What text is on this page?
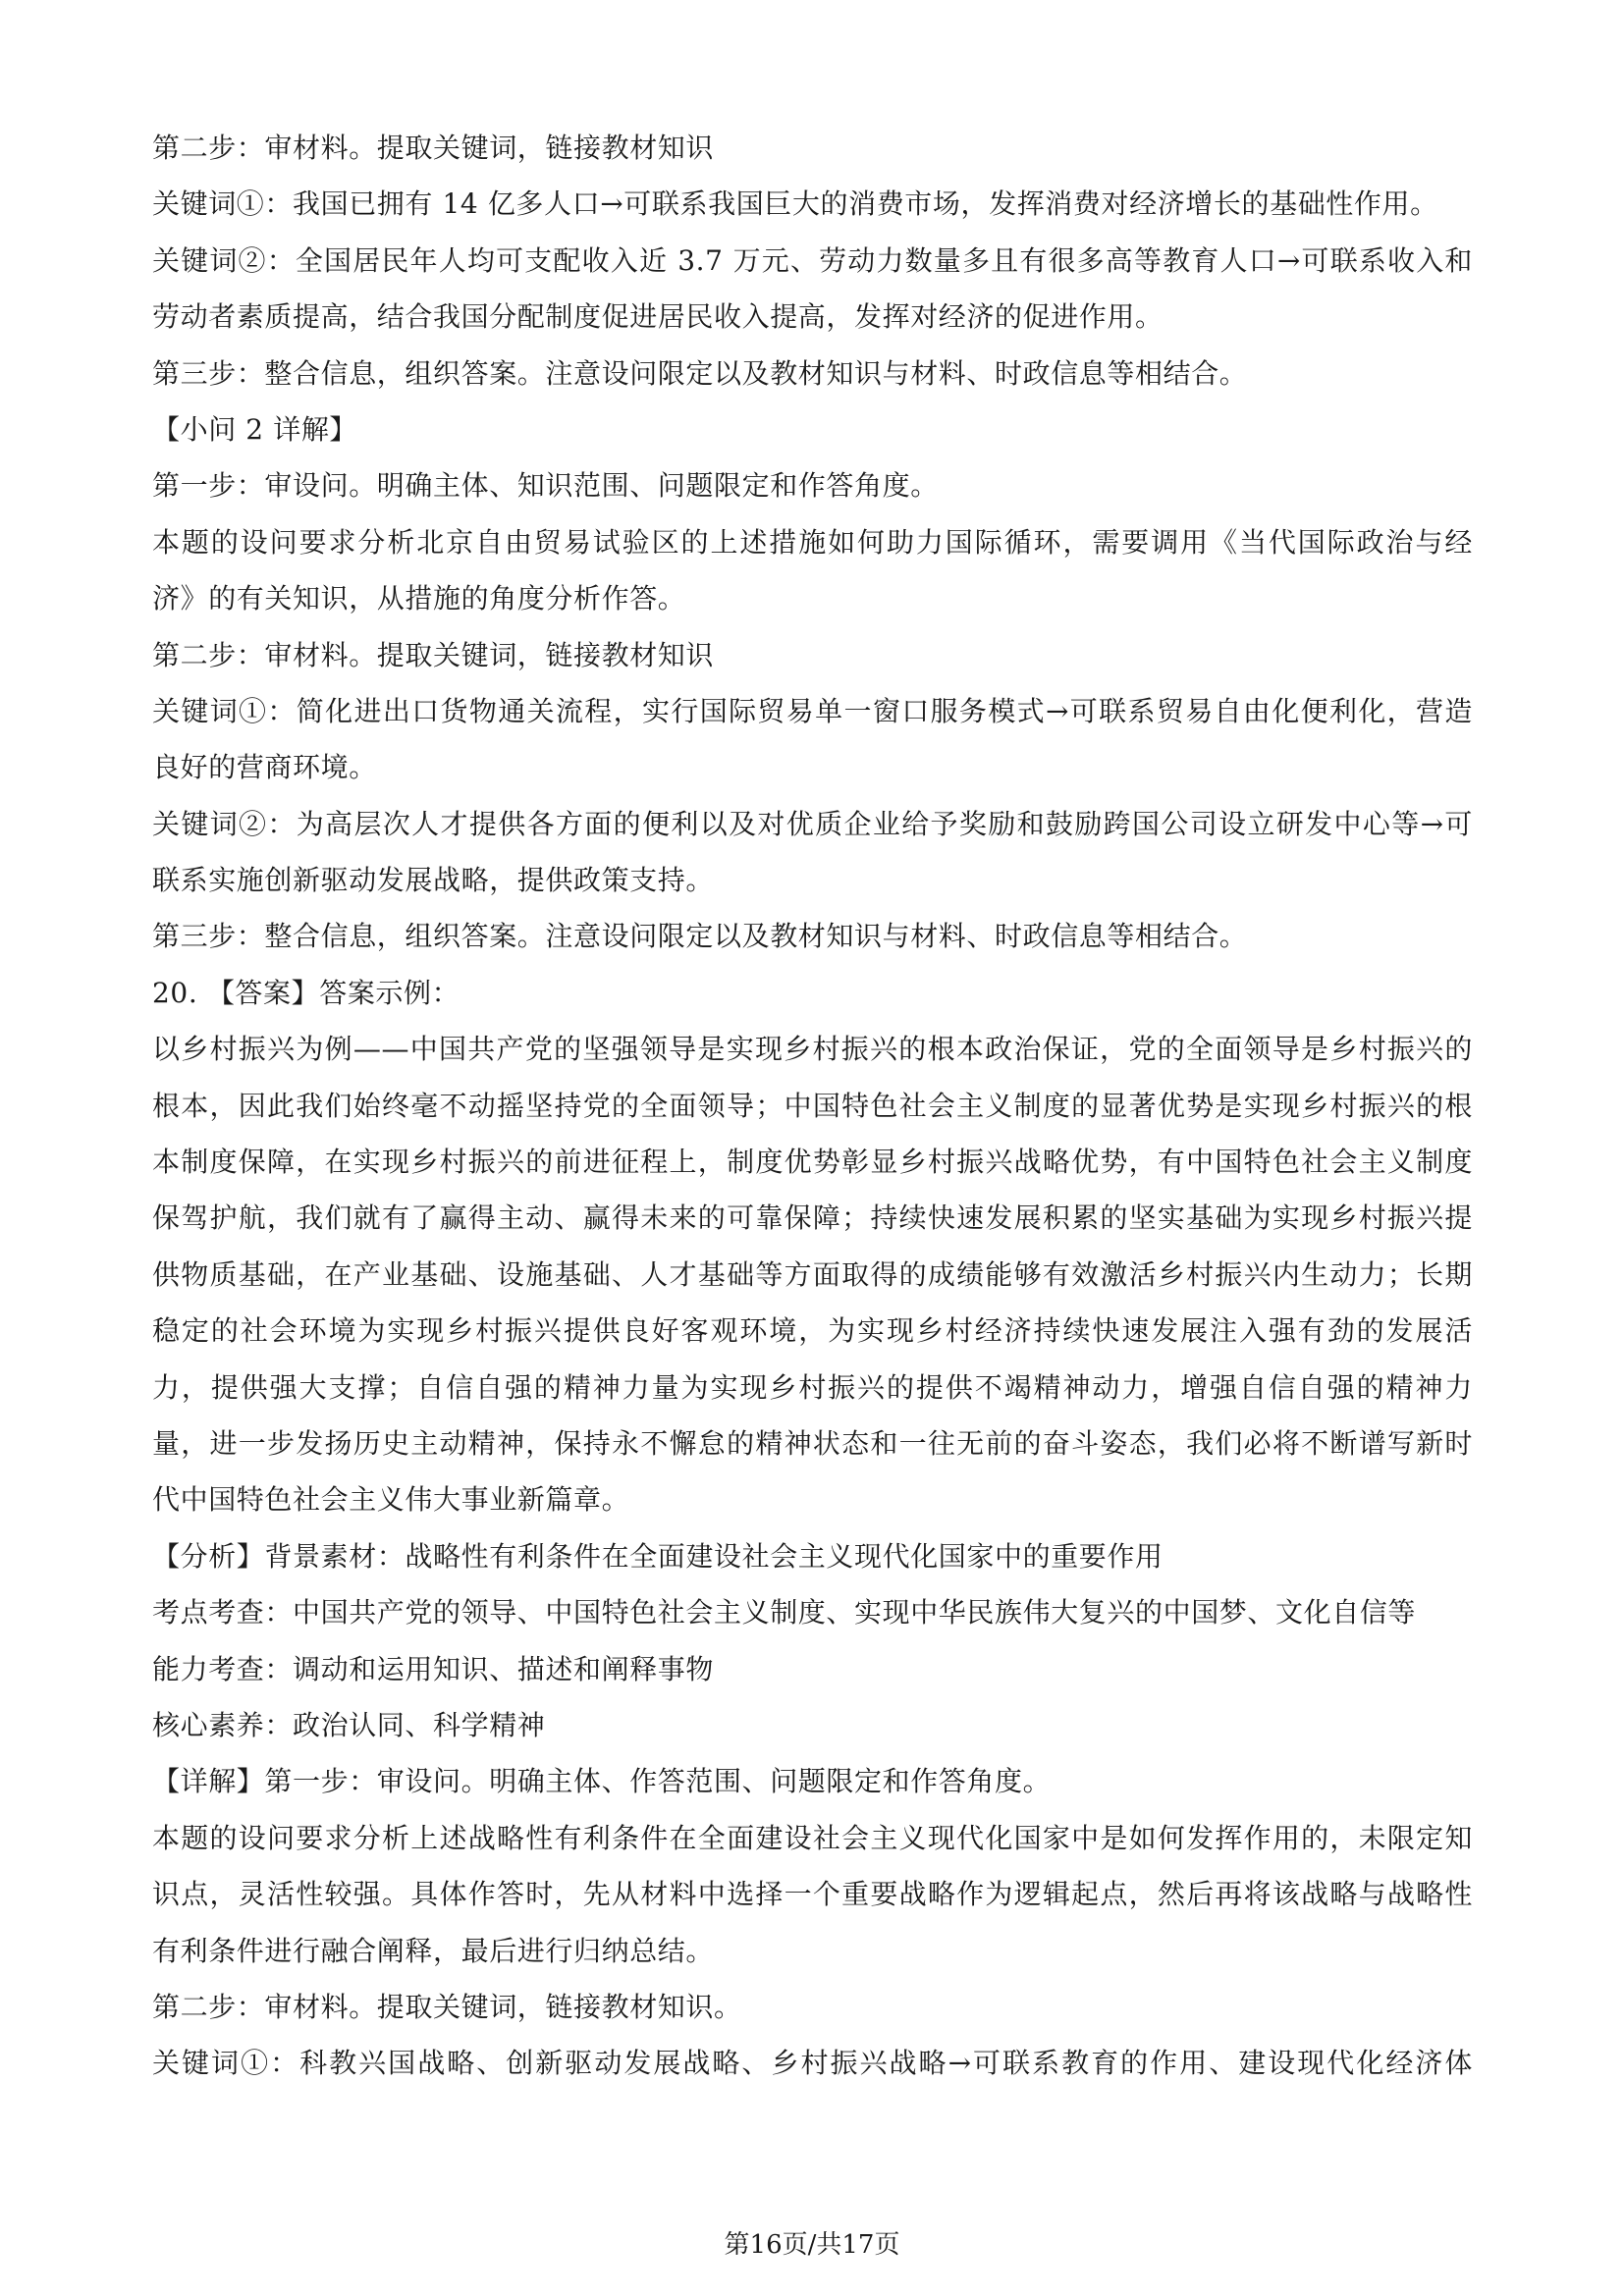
第二步：审材料。提取关键词，链接教材知识
关键词①：我国已拥有 14 亿多人口→可联系我国巨大的消费市场，发挥消费对经济增长的基础性作用。
关键词②：全国居民年人均可支配收入近 3.7 万元、劳动力数量多且有很多高等教育人口→可联系收入和
劳动者素质提高，结合我国分配制度促进居民收入提高，发挥对经济的促进作用。
第三步：整合信息，组织答案。注意设问限定以及教材知识与材料、时政信息等相结合。
【小问 2 详解】
第一步：审设问。明确主体、知识范围、问题限定和作答角度。
本题的设问要求分析北京自由贸易试验区的上述措施如何助力国际循环，需要调用《当代国际政治与经
济》的有关知识，从措施的角度分析作答。
第二步：审材料。提取关键词，链接教材知识
关键词①：简化进出口货物通关流程，实行国际贸易单一窗口服务模式→可联系贸易自由化便利化，营造
良好的营商环境。
关键词②：为高层次人才提供各方面的便利以及对优质企业给予奖励和鼓励跨国公司设立研发中心等→可
联系实施创新驱动发展战略，提供政策支持。
第三步：整合信息，组织答案。注意设问限定以及教材知识与材料、时政信息等相结合。
20. 【答案】答案示例：
以乡村振兴为例——中国共产党的坚强领导是实现乡村振兴的根本政治保证，党的全面领导是乡村振兴的
根本，因此我们始终毫不动摇坚持党的全面领导；中国特色社会主义制度的显著优势是实现乡村振兴的根
本制度保障，在实现乡村振兴的前进征程上，制度优势彰显乡村振兴战略优势，有中国特色社会主义制度
保驾护航，我们就有了赢得主动、赢得未来的可靠保障；持续快速发展积累的坚实基础为实现乡村振兴提
供物质基础，在产业基础、设施基础、人才基础等方面取得的成绩能够有效激活乡村振兴内生动力；长期
稳定的社会环境为实现乡村振兴提供良好客观环境，为实现乡村经济持续快速发展注入强有劲的发展活
力，提供强大支撑；自信自强的精神力量为实现乡村振兴的提供不竭精神动力，增强自信自强的精神力
量，进一步发扬历史主动精神，保持永不懈怠的精神状态和一往无前的奋斗姿态，我们必将不断谱写新时
代中国特色社会主义伟大事业新篇章。
【分析】背景素材：战略性有利条件在全面建设社会主义现代化国家中的重要作用
考点考查：中国共产党的领导、中国特色社会主义制度、实现中华民族伟大复兴的中国梦、文化自信等
能力考查：调动和运用知识、描述和阐释事物
核心素养：政治认同、科学精神
【详解】第一步：审设问。明确主体、作答范围、问题限定和作答角度。
本题的设问要求分析上述战略性有利条件在全面建设社会主义现代化国家中是如何发挥作用的，未限定知
识点，灵活性较强。具体作答时，先从材料中选择一个重要战略作为逻辑起点，然后再将该战略与战略性
有利条件进行融合阐释，最后进行归纳总结。
第二步：审材料。提取关键词，链接教材知识。
关键词①：科教兴国战略、创新驱动发展战略、乡村振兴战略→可联系教育的作用、建设现代化经济体
第16页/共17页
